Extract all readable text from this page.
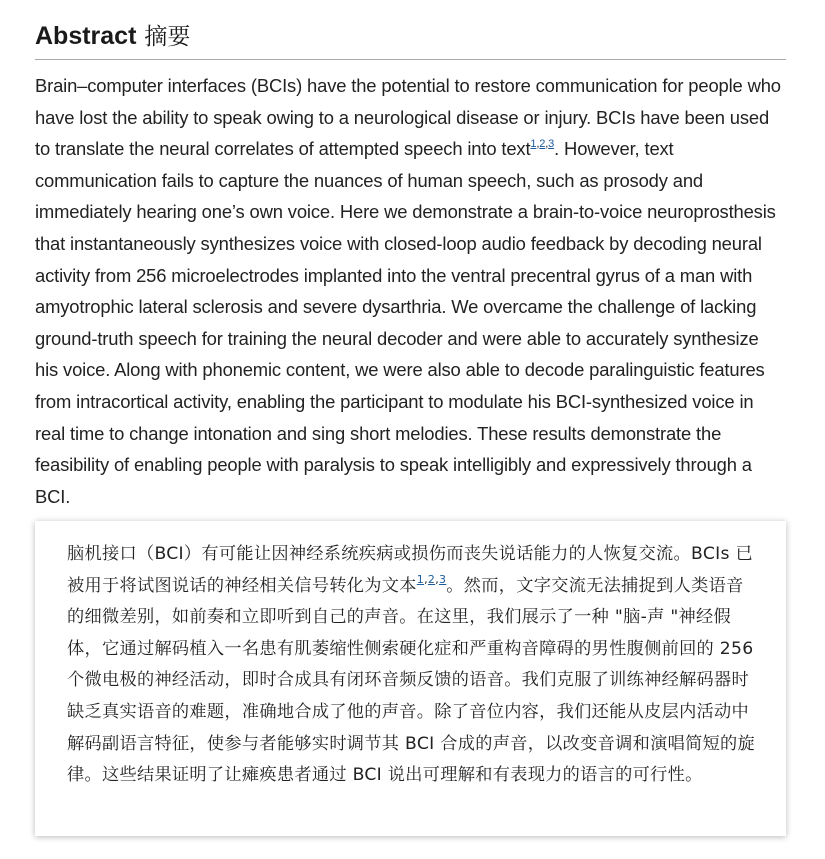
Abstract 摘要

Brain–computer interfaces (BCIs) have the potential to restore communication for people who have lost the ability to speak owing to a neurological disease or injury. BCIs have been used to translate the neural correlates of attempted speech into text$^{1,2,3}$. However, text communication fails to capture the nuances of human speech, such as prosody and immediately hearing one’s own voice. Here we demonstrate a brain-to-voice neuroprosthesis that instantaneously synthesizes voice with closed-loop audio feedback by decoding neural activity from 256 microelectrodes implanted into the ventral precentral gyrus of a man with amyotrophic lateral sclerosis and severe dysarthria. We overcame the challenge of lacking ground-truth speech for training the neural decoder and were able to accurately synthesize his voice. Along with phonemic content, we were also able to decode paralinguistic features from intracortical activity, enabling the participant to modulate his BCI-synthesized voice in real time to change intonation and sing short melodies. These results demonstrate the feasibility of enabling people with paralysis to speak intelligibly and expressively through a BCI.

脑机接口（BCI）有可能让因神经系统疾病或损伤而丧失说话能力的人恢复交流。BCIs 已被用于将试图说话的神经相关信号转化为文本$^{1,2,3}$。然而，文字交流无法捕捉到人类语音的细微差别，如前奏和立即听到自己的声音。在这里，我们展示了一种 "脑-声 "神经假体，它通过解码植入一名患有肌萎缩性侧索硬化症和严重构音障碍的男性腹侧前回的 256 个微电极的神经活动，即时合成具有闭环音频反馈的语音。我们克服了训练神经解码器时缺乏真实语音的难题，准确地合成了他的声音。除了音位内容，我们还能从皮层内活动中解码副语言特征，使参与者能够实时调节其 BCI 合成的声音，以改变音调和演唱简短的旋律。这些结果证明了让瘫痪患者通过 BCI 说出可理解和有表现力的语言的可行性。
